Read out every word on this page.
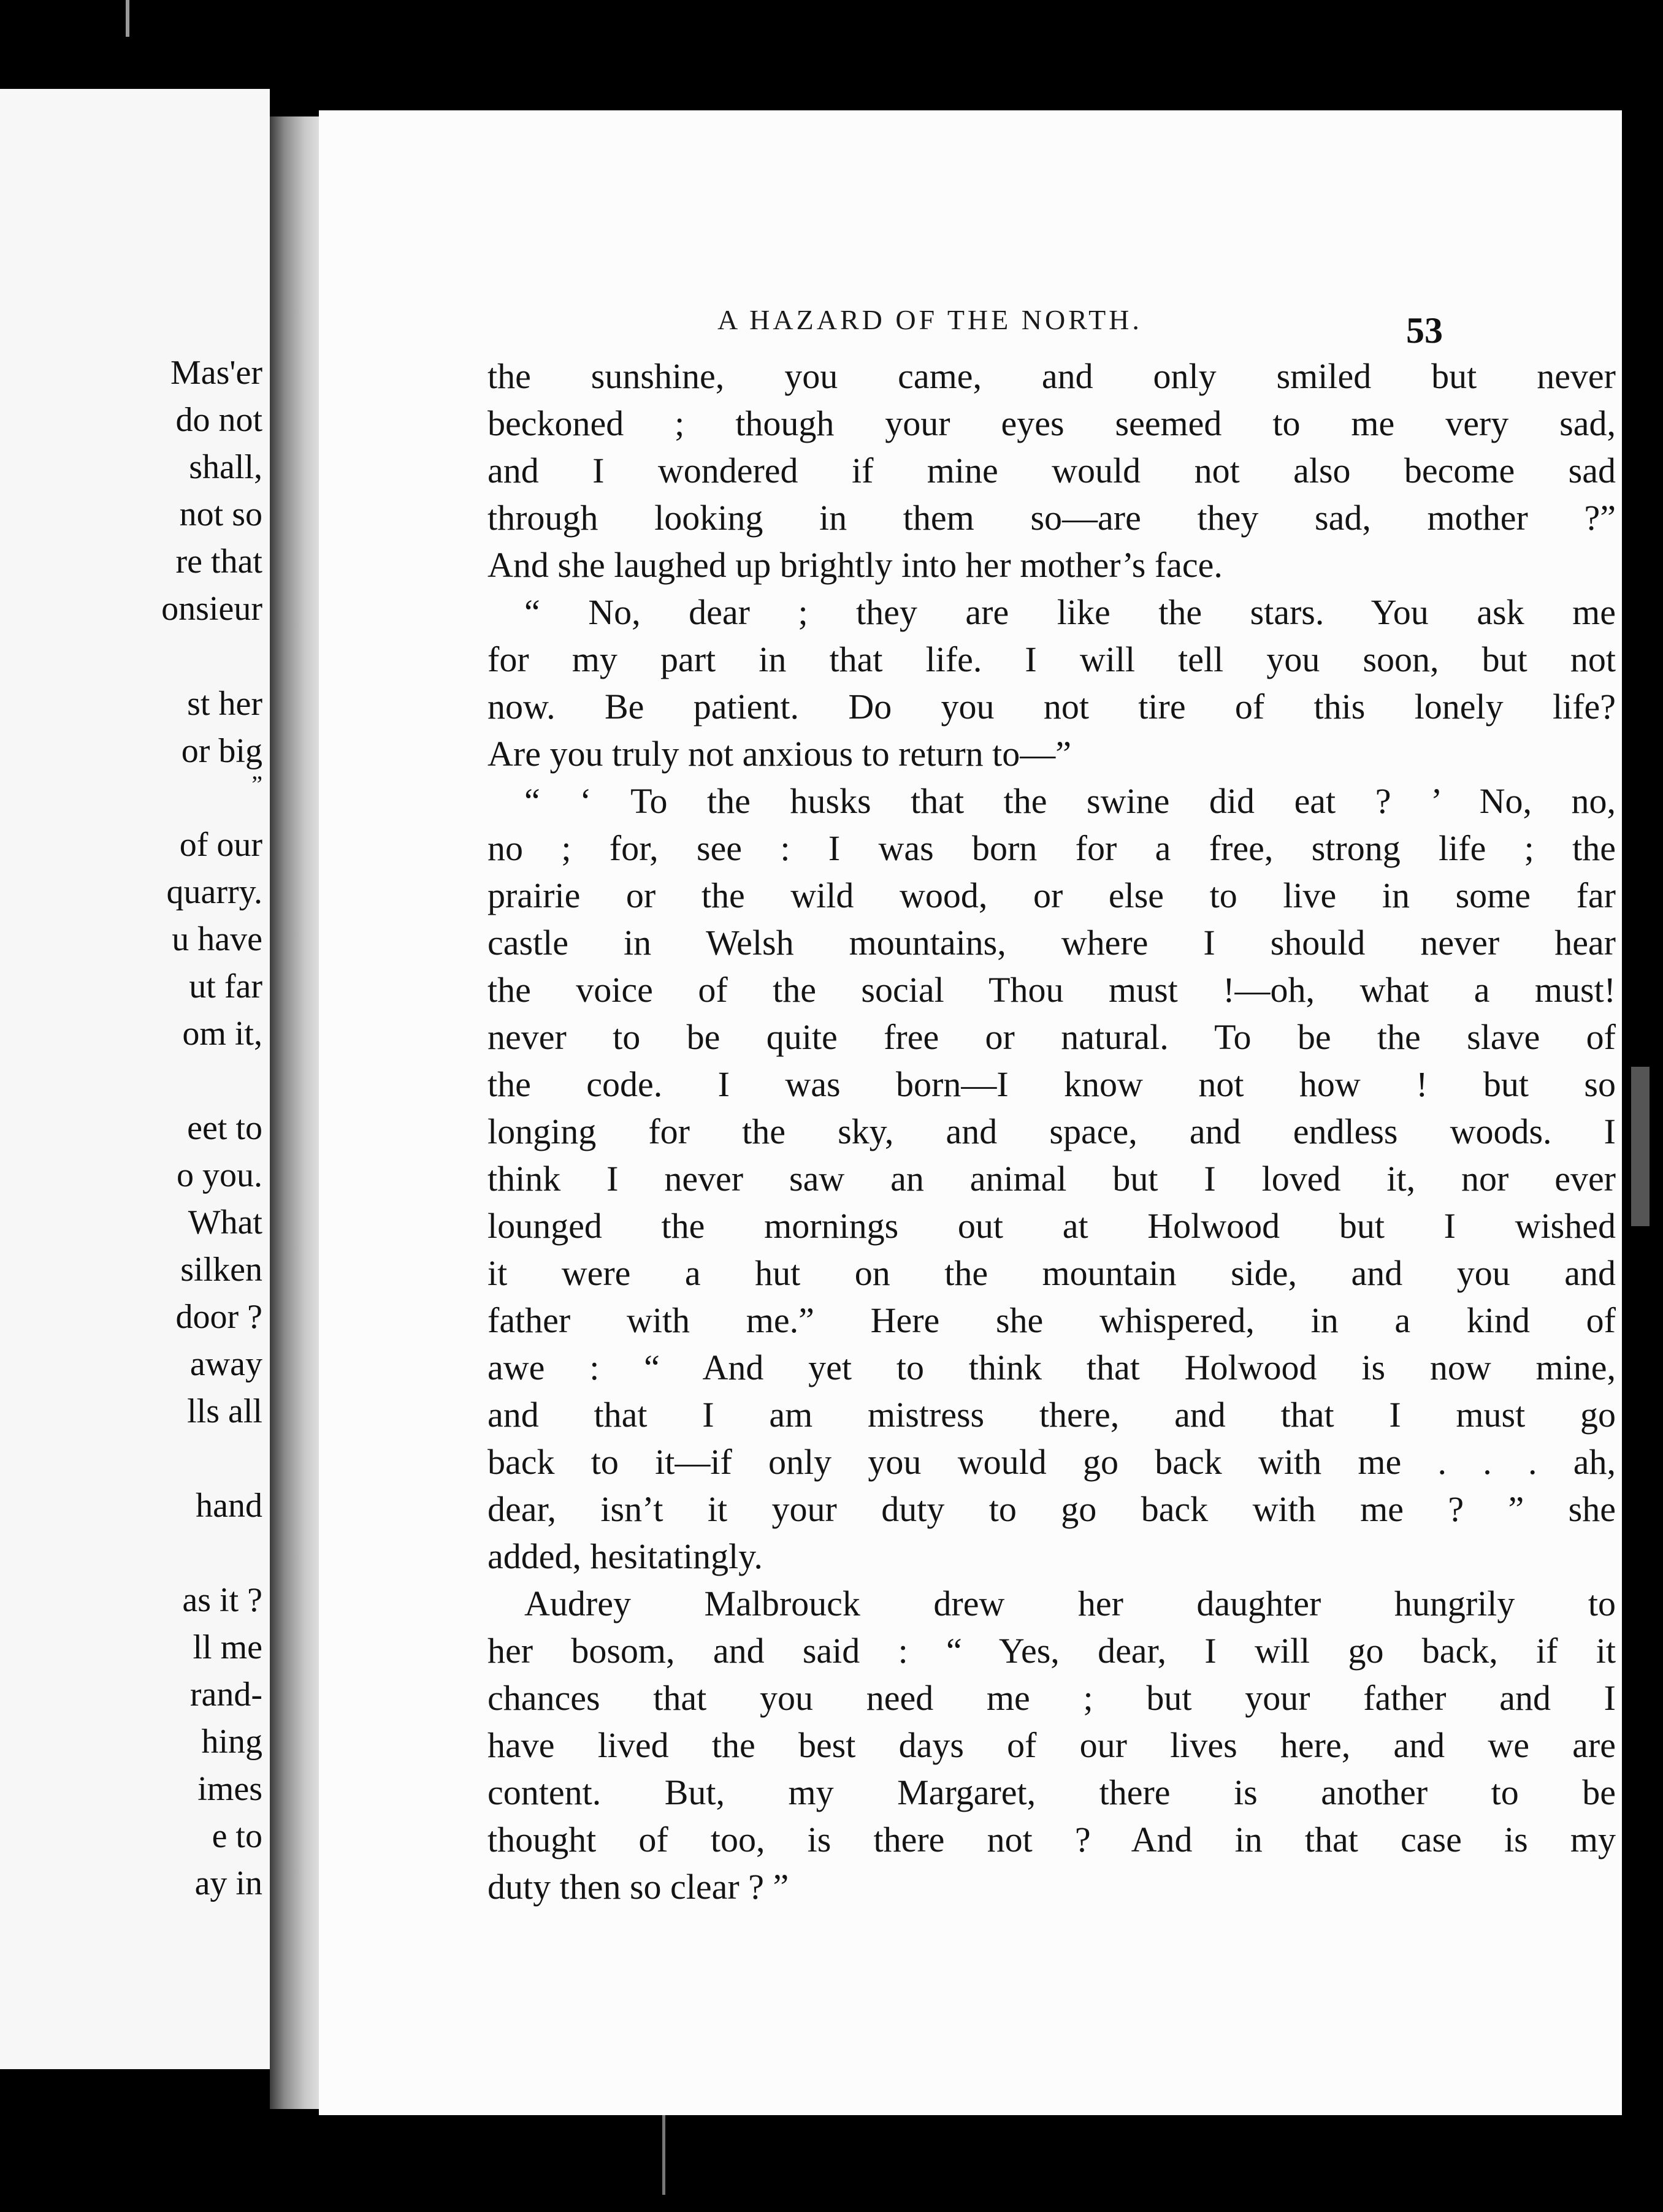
Mas'er
do not
shall,
not so
re that
onsieur
st her
or big
”
of our
quarry.
u have
ut far
om it,
eet to
o you.
What
silken
door ?
away
lls all
hand
as it ?
ll me
rand-
hing
imes
e to
ay in
A HAZARD OF THE NORTH.	53
the sunshine, you came, and only smiled but never
beckoned ; though your eyes seemed to me very sad,
and I wondered if mine would not also become sad
through looking in them so—are they sad, mother ?”
And she laughed up brightly into her mother’s face.
“ No, dear ; they are like the stars. You ask me
for my part in that life. I will tell you soon, but not
now. Be patient. Do you not tire of this lonely life?
Are you truly not anxious to return to—”
“ ‘ To the husks that the swine did eat ? ’ No, no,
no ; for, see : I was born for a free, strong life ; the
prairie or the wild wood, or else to live in some far
castle in Welsh mountains, where I should never hear
the voice of the social Thou must !—oh, what a must!
never to be quite free or natural. To be the slave of
the code. I was born—I know not how ! but so
longing for the sky, and space, and endless woods. I
think I never saw an animal but I loved it, nor ever
lounged the mornings out at Holwood but I wished
it were a hut on the mountain side, and you and
father with me.” Here she whispered, in a kind of
awe : “ And yet to think that Holwood is now mine,
and that I am mistress there, and that I must go
back to it—if only you would go back with me . . . ah,
dear, isn’t it your duty to go back with me ? ” she
added, hesitatingly.
Audrey Malbrouck drew her daughter hungrily to
her bosom, and said : “ Yes, dear, I will go back, if it
chances that you need me ; but your father and I
have lived the best days of our lives here, and we are
content. But, my Margaret, there is another to be
thought of too, is there not ? And in that case is my
duty then so clear ? ”
